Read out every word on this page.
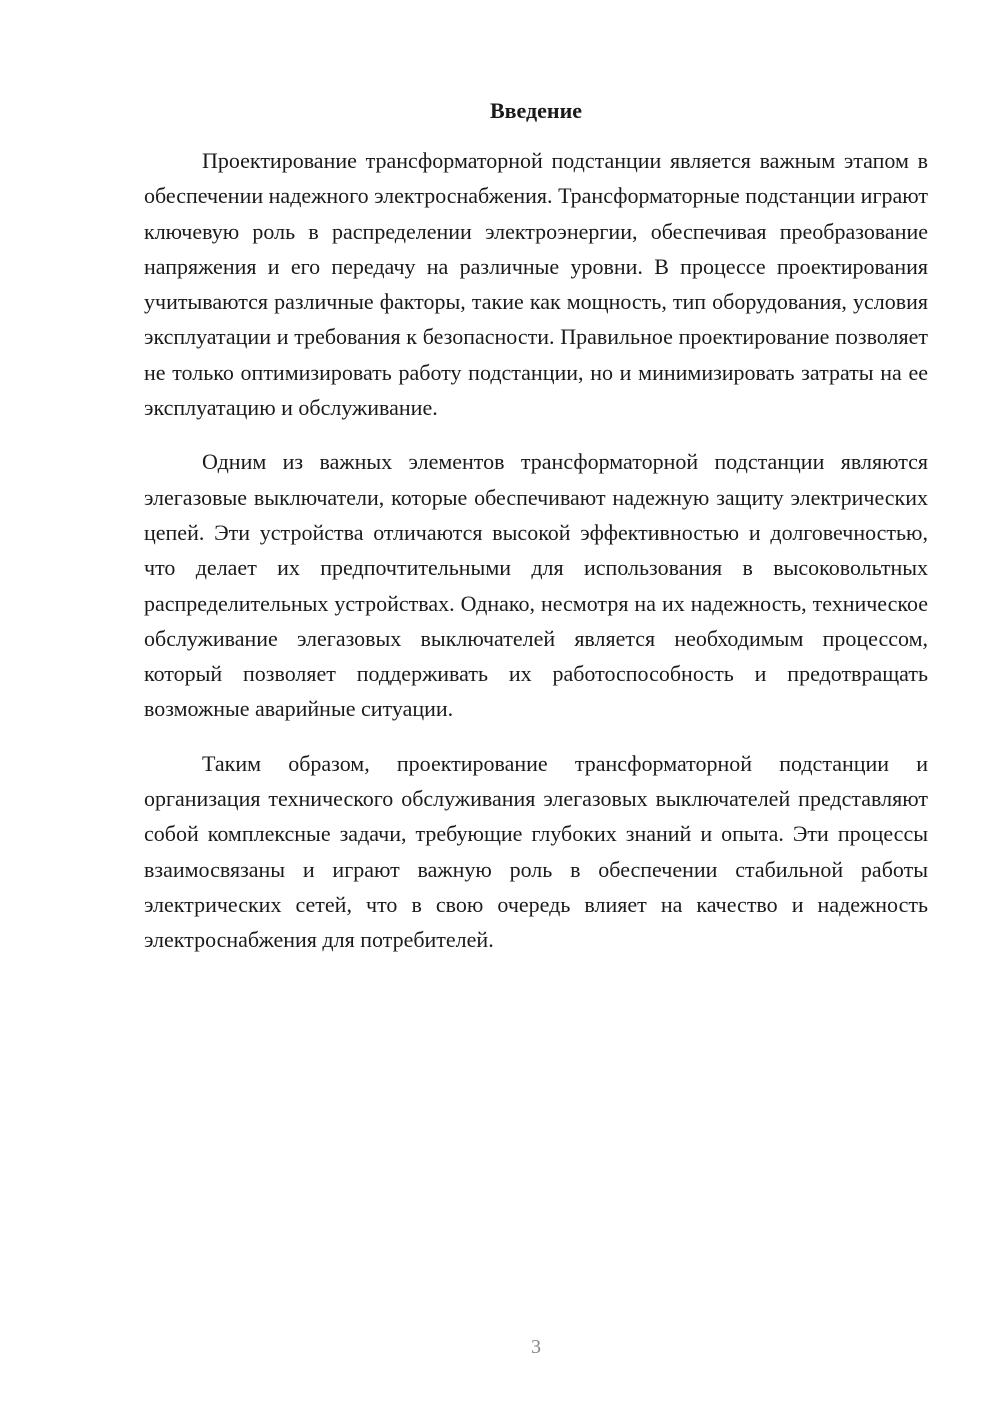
Введение

Проектирование трансформаторной подстанции является важным этапом в обеспечении надежного электроснабжения. Трансформаторные подстанции играют ключевую роль в распределении электроэнергии, обеспечивая преобразование напряжения и его передачу на различные уровни. В процессе проектирования учитываются различные факторы, такие как мощность, тип оборудования, условия эксплуатации и требования к безопасности. Правильное проектирование позволяет не только оптимизировать работу подстанции, но и минимизировать затраты на ее эксплуатацию и обслуживание.

Одним из важных элементов трансформаторной подстанции являются элегазовые выключатели, которые обеспечивают надежную защиту электрических цепей. Эти устройства отличаются высокой эффективностью и долговечностью, что делает их предпочтительными для использования в высоковольтных распределительных устройствах. Однако, несмотря на их надежность, техническое обслуживание элегазовых выключателей является необходимым процессом, который позволяет поддерживать их работоспособность и предотвращать возможные аварийные ситуации.

Таким образом, проектирование трансформаторной подстанции и организация технического обслуживания элегазовых выключателей представляют собой комплексные задачи, требующие глубоких знаний и опыта. Эти процессы взаимосвязаны и играют важную роль в обеспечении стабильной работы электрических сетей, что в свою очередь влияет на качество и надежность электроснабжения для потребителей.

3
